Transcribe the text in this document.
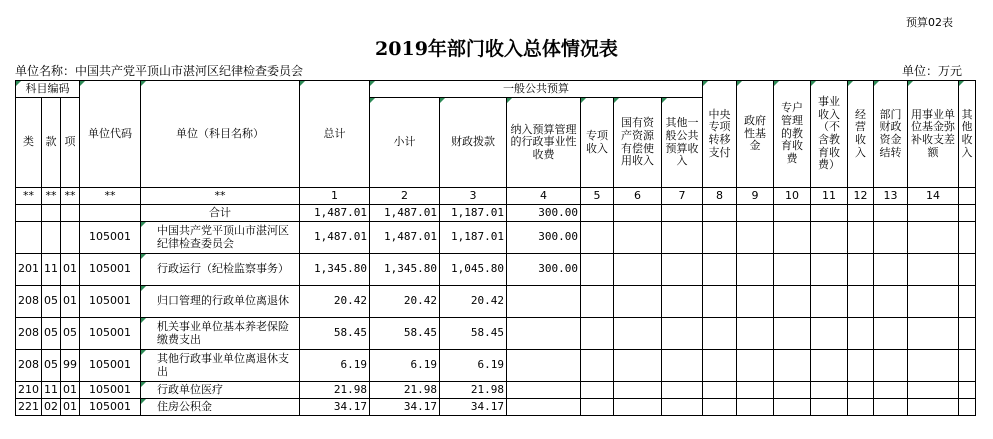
预算02表
2019年部门收入总体情况表
单位名称：中国共产党平顶山市湛河区纪律检查委员会	单位：万元
科目编码			单位代码	单位（科目名称）	总计	一般公共预算						中央专项转移支付	政府性基金	专户管理的教育收费	事业收入（不含教育收费）	经营收入	部门财政资金结转	用事业单位基金弥补收支差额	其他收入
类	款	项				小计	财政拨款	纳入预算管理的行政事业性收费	专项收入	国有资产资源有偿使用收入	其他一般公共预算收入								
**	**	**	**	**	1	2	3	4	5	6	7	8	9	10	11	12	13	14	
				合计	1,487.01	1,487.01	1,187.01	300.00											
			105001	中国共产党平顶山市湛河区纪律检查委员会	1,487.01	1,487.01	1,187.01	300.00											
201	11	01	105001	行政运行（纪检监察事务）	1,345.80	1,345.80	1,045.80	300.00											
208	05	01	105001	归口管理的行政单位离退休	20.42	20.42	20.42												
208	05	05	105001	机关事业单位基本养老保险缴费支出	58.45	58.45	58.45												
208	05	99	105001	其他行政事业单位离退休支出	6.19	6.19	6.19												
210	11	01	105001	行政单位医疗	21.98	21.98	21.98												
221	02	01	105001	住房公积金	34.17	34.17	34.17												
